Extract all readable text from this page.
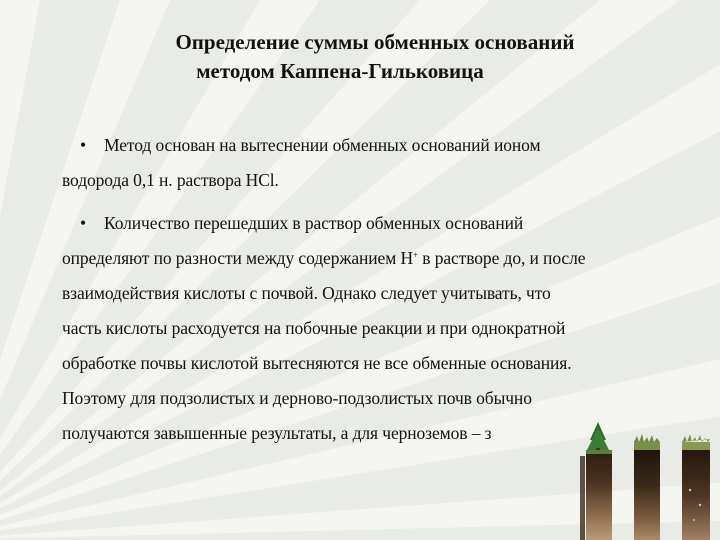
Определение суммы обменных оснований
методом Каппена-Гильковица

• Метод основан на вытеснении обменных оснований ионом
водорода 0,1 н. раствора HCl.

• Количество перешедших в раствор обменных оснований
определяют по разности между содержанием Н+ в растворе до, и после
взаимодействия кислоты с почвой. Однако следует учитывать, что
часть кислоты расходуется на побочные реакции и при однократной
обработке почвы кислотой вытесняются не все обменные основания.
Поэтому для подзолистых и дерново-подзолистых почв обычно
получаются завышенные результаты, а для черноземов – з
